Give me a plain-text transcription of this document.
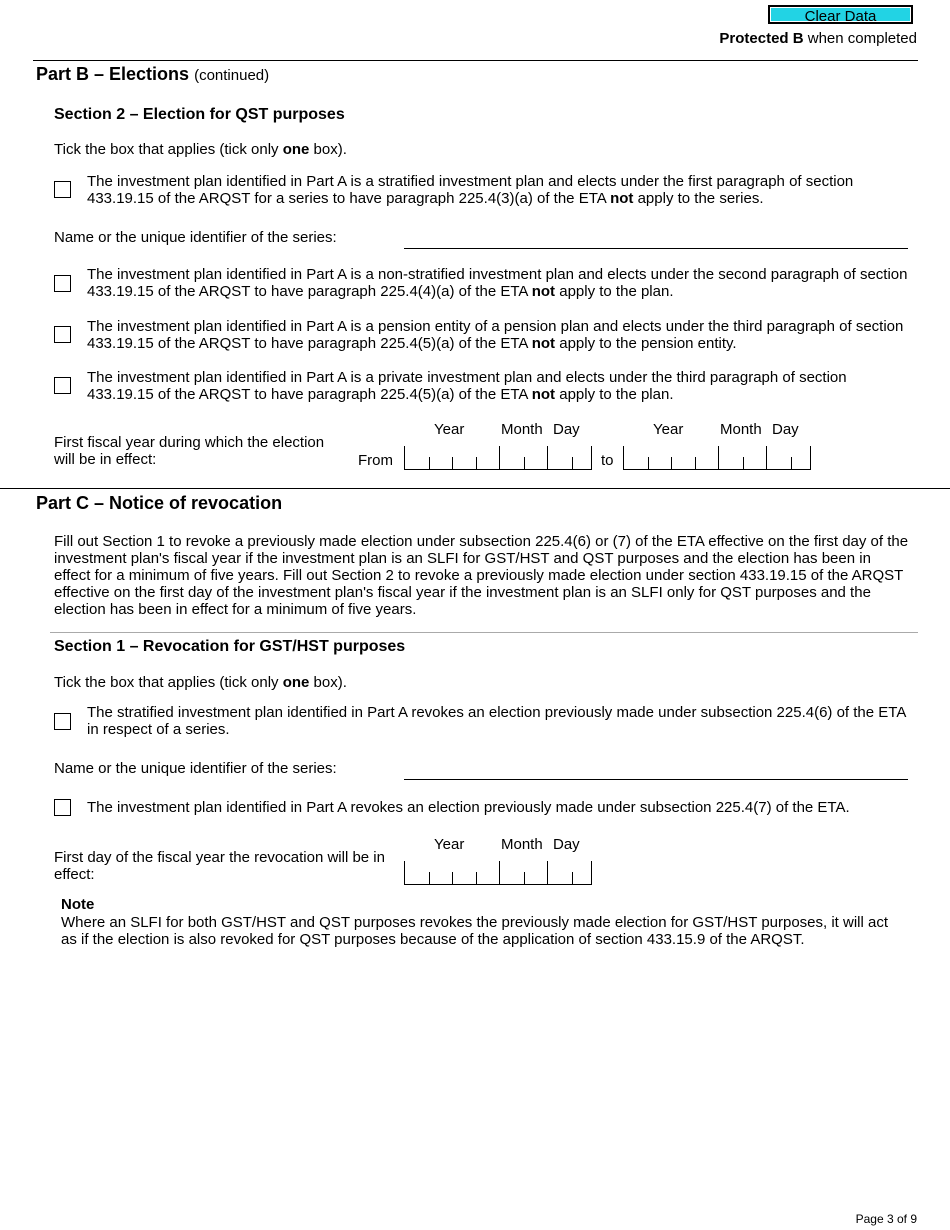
Clear Data
Protected B when completed
Part B – Elections (continued)
Section 2 – Election for QST purposes
Tick the box that applies (tick only one box).
The investment plan identified in Part A is a stratified investment plan and elects under the first paragraph of section 433.19.15 of the ARQST for a series to have paragraph 225.4(3)(a) of the ETA not apply to the series.
Name or the unique identifier of the series:
The investment plan identified in Part A is a non-stratified investment plan and elects under the second paragraph of section 433.19.15 of the ARQST to have paragraph 225.4(4)(a) of the ETA not apply to the plan.
The investment plan identified in Part A is a pension entity of a pension plan and elects under the third paragraph of section 433.19.15 of the ARQST to have paragraph 225.4(5)(a) of the ETA not apply to the pension entity.
The investment plan identified in Part A is a private investment plan and elects under the third paragraph of section 433.19.15 of the ARQST to have paragraph 225.4(5)(a) of the ETA not apply to the plan.
Year Month Day	Year Month Day
First fiscal year during which the election will be in effect:	From	to
Part C – Notice of revocation
Fill out Section 1 to revoke a previously made election under subsection 225.4(6) or (7) of the ETA effective on the first day of the investment plan's fiscal year if the investment plan is an SLFI for GST/HST and QST purposes and the election has been in effect for a minimum of five years. Fill out Section 2 to revoke a previously made election under section 433.19.15 of the ARQST effective on the first day of the investment plan's fiscal year if the investment plan is an SLFI only for QST purposes and the election has been in effect for a minimum of five years.
Section 1 – Revocation for GST/HST purposes
Tick the box that applies (tick only one box).
The stratified investment plan identified in Part A revokes an election previously made under subsection 225.4(6) of the ETA in respect of a series.
Name or the unique identifier of the series:
The investment plan identified in Part A revokes an election previously made under subsection 225.4(7) of the ETA.
Year Month Day
First day of the fiscal year the revocation will be in effect:
Note
Where an SLFI for both GST/HST and QST purposes revokes the previously made election for GST/HST purposes, it will act as if the election is also revoked for QST purposes because of the application of section 433.15.9 of the ARQST.
Page 3 of 9
